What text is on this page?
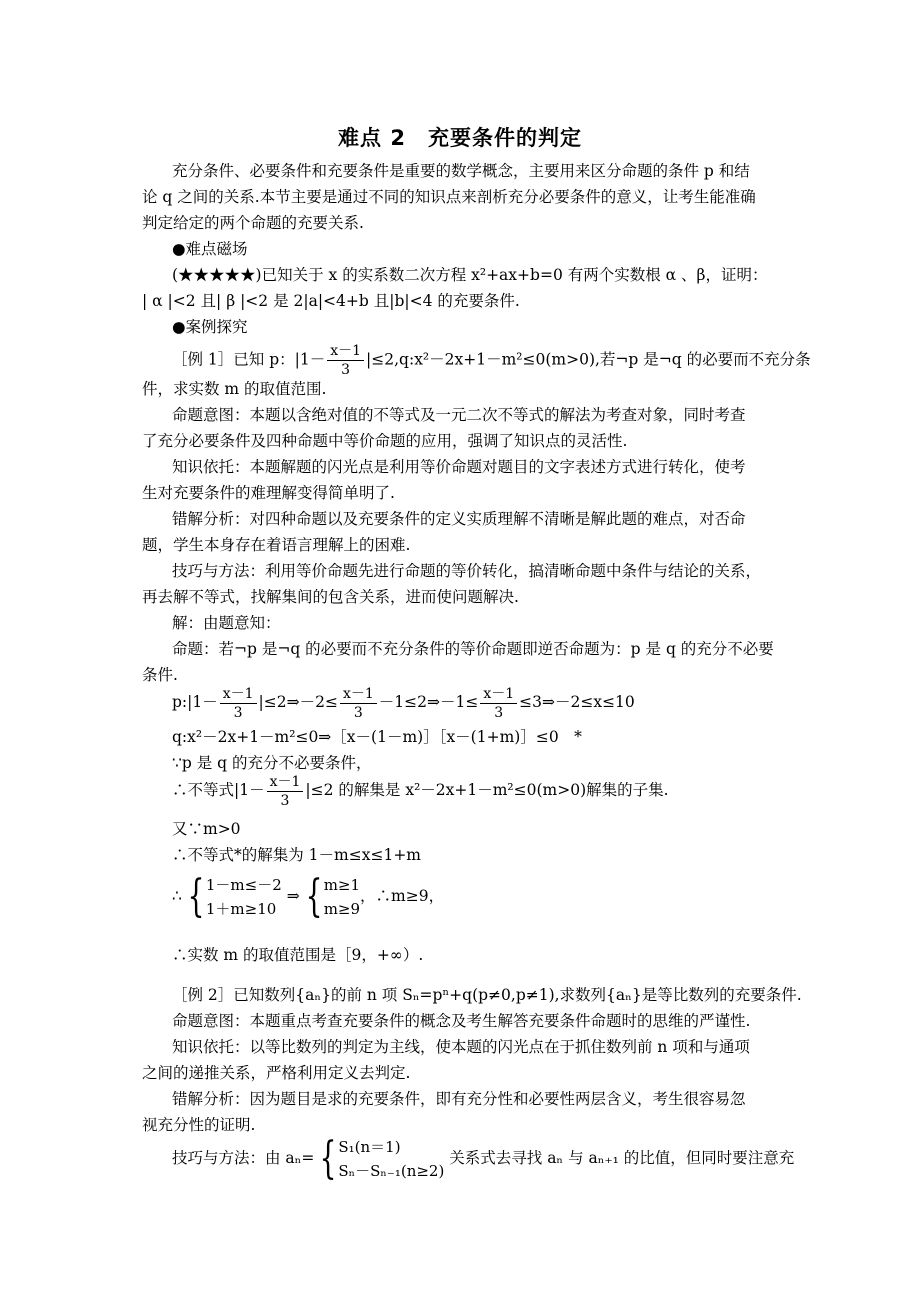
难点 2　充要条件的判定
充分条件、必要条件和充要条件是重要的数学概念，主要用来区分命题的条件 p 和结
论 q 之间的关系.本节主要是通过不同的知识点来剖析充分必要条件的意义，让考生能准确
判定给定的两个命题的充要关系.
●难点磁场
(★★★★★)已知关于 x 的实系数二次方程 x²+ax+b=0 有两个实数根 α 、β，证明：
| α |<2 且| β |<2 是 2|a|<4+b 且|b|<4 的充要条件.
●案例探究
［例 1］已知 p：$|1- \frac{x-1}{3}$ |≤2,q:x²－2x+1－m²≤0(m>0),若¬p 是¬q 的必要而不充分条
件，求实数 m 的取值范围.
命题意图：本题以含绝对值的不等式及一元二次不等式的解法为考查对象，同时考查
了充分必要条件及四种命题中等价命题的应用，强调了知识点的灵活性.
知识依托：本题解题的闪光点是利用等价命题对题目的文字表述方式进行转化，使考
生对充要条件的难理解变得简单明了.
错解分析：对四种命题以及充要条件的定义实质理解不清晰是解此题的难点，对否命
题，学生本身存在着语言理解上的困难.
技巧与方法：利用等价命题先进行命题的等价转化，搞清晰命题中条件与结论的关系，
再去解不等式，找解集间的包含关系，进而使问题解决.
解：由题意知：
命题：若¬p 是¬q 的必要而不充分条件的等价命题即逆否命题为：p 是 q 的充分不必要
条件.
p:|1－ $\frac{x-1}{3}$ |≤2⇒－2≤ $\frac{x-1}{3}$ －1≤2⇒－1≤ $\frac{x-1}{3}$ ≤3⇒－2≤x≤10
q:x²－2x+1－m²≤0⇒［x－(1－m)］［x－(1+m)］≤0　*
∵p 是 q 的充分不必要条件，
∴不等式$|1- \frac{x-1}{3} |\le 2$ 的解集是 x²－2x+1－m²≤0(m>0)解集的子集.
又∵m>0
∴不等式*的解集为 1－m≤x≤1+m
∴ { 1－m≤－2
1＋m≥10
⇒ { m≥1
m≥9
，∴m≥9，
∴实数 m 的取值范围是［9，+∞）.
［例 2］已知数列{aₙ}的前 n 项 Sₙ=pⁿ+q(p≠0,p≠1),求数列{aₙ}是等比数列的充要条件.
命题意图：本题重点考查充要条件的概念及考生解答充要条件命题时的思维的严谨性.
知识依托：以等比数列的判定为主线，使本题的闪光点在于抓住数列前 n 项和与通项
之间的递推关系，严格利用定义去判定.
错解分析：因为题目是求的充要条件，即有充分性和必要性两层含义，考生很容易忽
视充分性的证明.
技巧与方法：由 aₙ= { S₁(n＝1)
Sₙ－Sₙ₋₁(n≥2)
关系式去寻找 aₙ 与 aₙ₊₁ 的比值，但同时要注意充
